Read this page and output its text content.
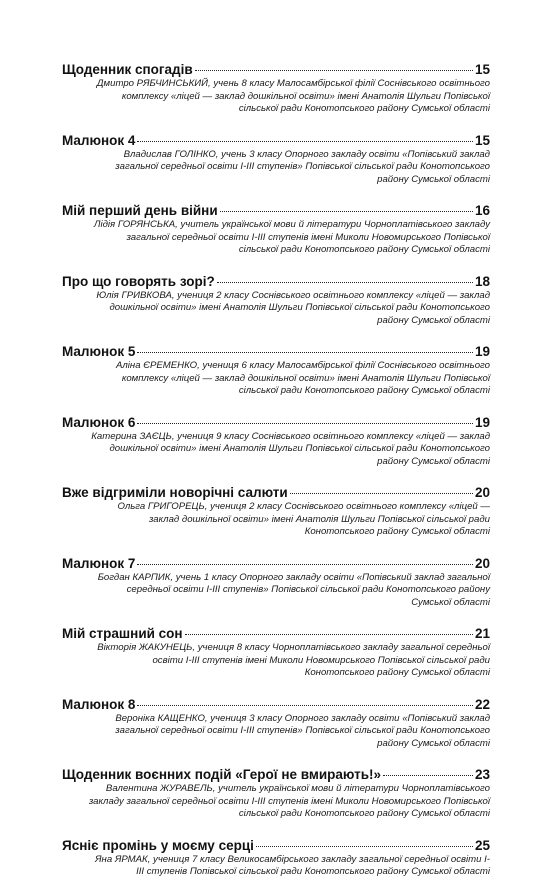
Щоденник спогадів	15
Дмитро РЯБЧИНСЬКИЙ, учень 8 класу Малосамбірської філії Соснівського освітнього комплексу «ліцей — заклад дошкільної освіти» імені Анатолія Шульги Попівської сільської ради Конотопського району Сумської області
Малюнок 4	15
Владислав ГОЛІНКО, учень 3 класу Опорного закладу освіти «Попівський заклад загальної середньої освіти І-ІІІ ступенів» Попівської сільської ради Конотопського району Сумської області
Мій перший день війни	16
Лідія ГОРЯНСЬКА, учитель української мови й літератури Чорноплатівського закладу загальної середньої освіти І-ІІІ ступенів імені Миколи Новомирського Попівської сільської ради Конотопського району Сумської області
Про що говорять зорі?	18
Юлія ГРИВКОВА, учениця 2 класу Соснівського освітнього комплексу «ліцей — заклад дошкільної освіти» імені Анатолія Шульги Попівської сільської ради Конотопського району Сумської області
Малюнок 5	19
Аліна ЄРЕМЕНКО, учениця 6 класу Малосамбірської філії Соснівського освітнього комплексу «ліцей — заклад дошкільної освіти» імені Анатолія Шульги Попівської сільської ради Конотопського району Сумської області
Малюнок 6	19
Катерина ЗАЄЦЬ, учениця 9 класу Соснівського освітнього комплексу «ліцей — заклад дошкільної освіти» імені Анатолія Шульги Попівської сільської ради Конотопського району Сумської області
Вже відгриміли новорічні салюти	20
Ольга ГРИГОРЕЦЬ, учениця 2 класу Соснівського освітнього комплексу «ліцей — заклад дошкільної освіти» імені Анатолія Шульги Попівської сільської ради Конотопського району Сумської області
Малюнок 7	20
Богдан КАРПИК, учень 1 класу Опорного закладу освіти «Попівський заклад загальної середньої освіти І-ІІІ ступенів» Попівської сільської ради Конотопського району Сумської області
Мій страшний сон	21
Вікторія ЖАКУНЕЦЬ, учениця 8 класу Чорноплатівського закладу загальної середньої освіти І-ІІІ ступенів імені Миколи Новомирського Попівської сільської ради Конотопського району Сумської області
Малюнок 8	22
Вероніка КАЩЕНКО, учениця 3 класу Опорного закладу освіти «Попівський заклад загальної середньої освіти І-ІІІ ступенів» Попівської сільської ради Конотопського району Сумської області
Щоденник воєнних подій «Герої не вмирають!»	23
Валентина ЖУРАВЕЛЬ, учитель української мови й літератури Чорноплатівського закладу загальної середньої освіти І-ІІІ ступенів імені Миколи Новомирського Попівської сільської ради Конотопського району Сумської області
Ясніє промінь у моєму серці	25
Яна ЯРМАК, учениця 7 класу Великосамбірського закладу загальної середньої освіти І-ІІІ ступенів Попівської сільської ради Конотопського району Сумської області
